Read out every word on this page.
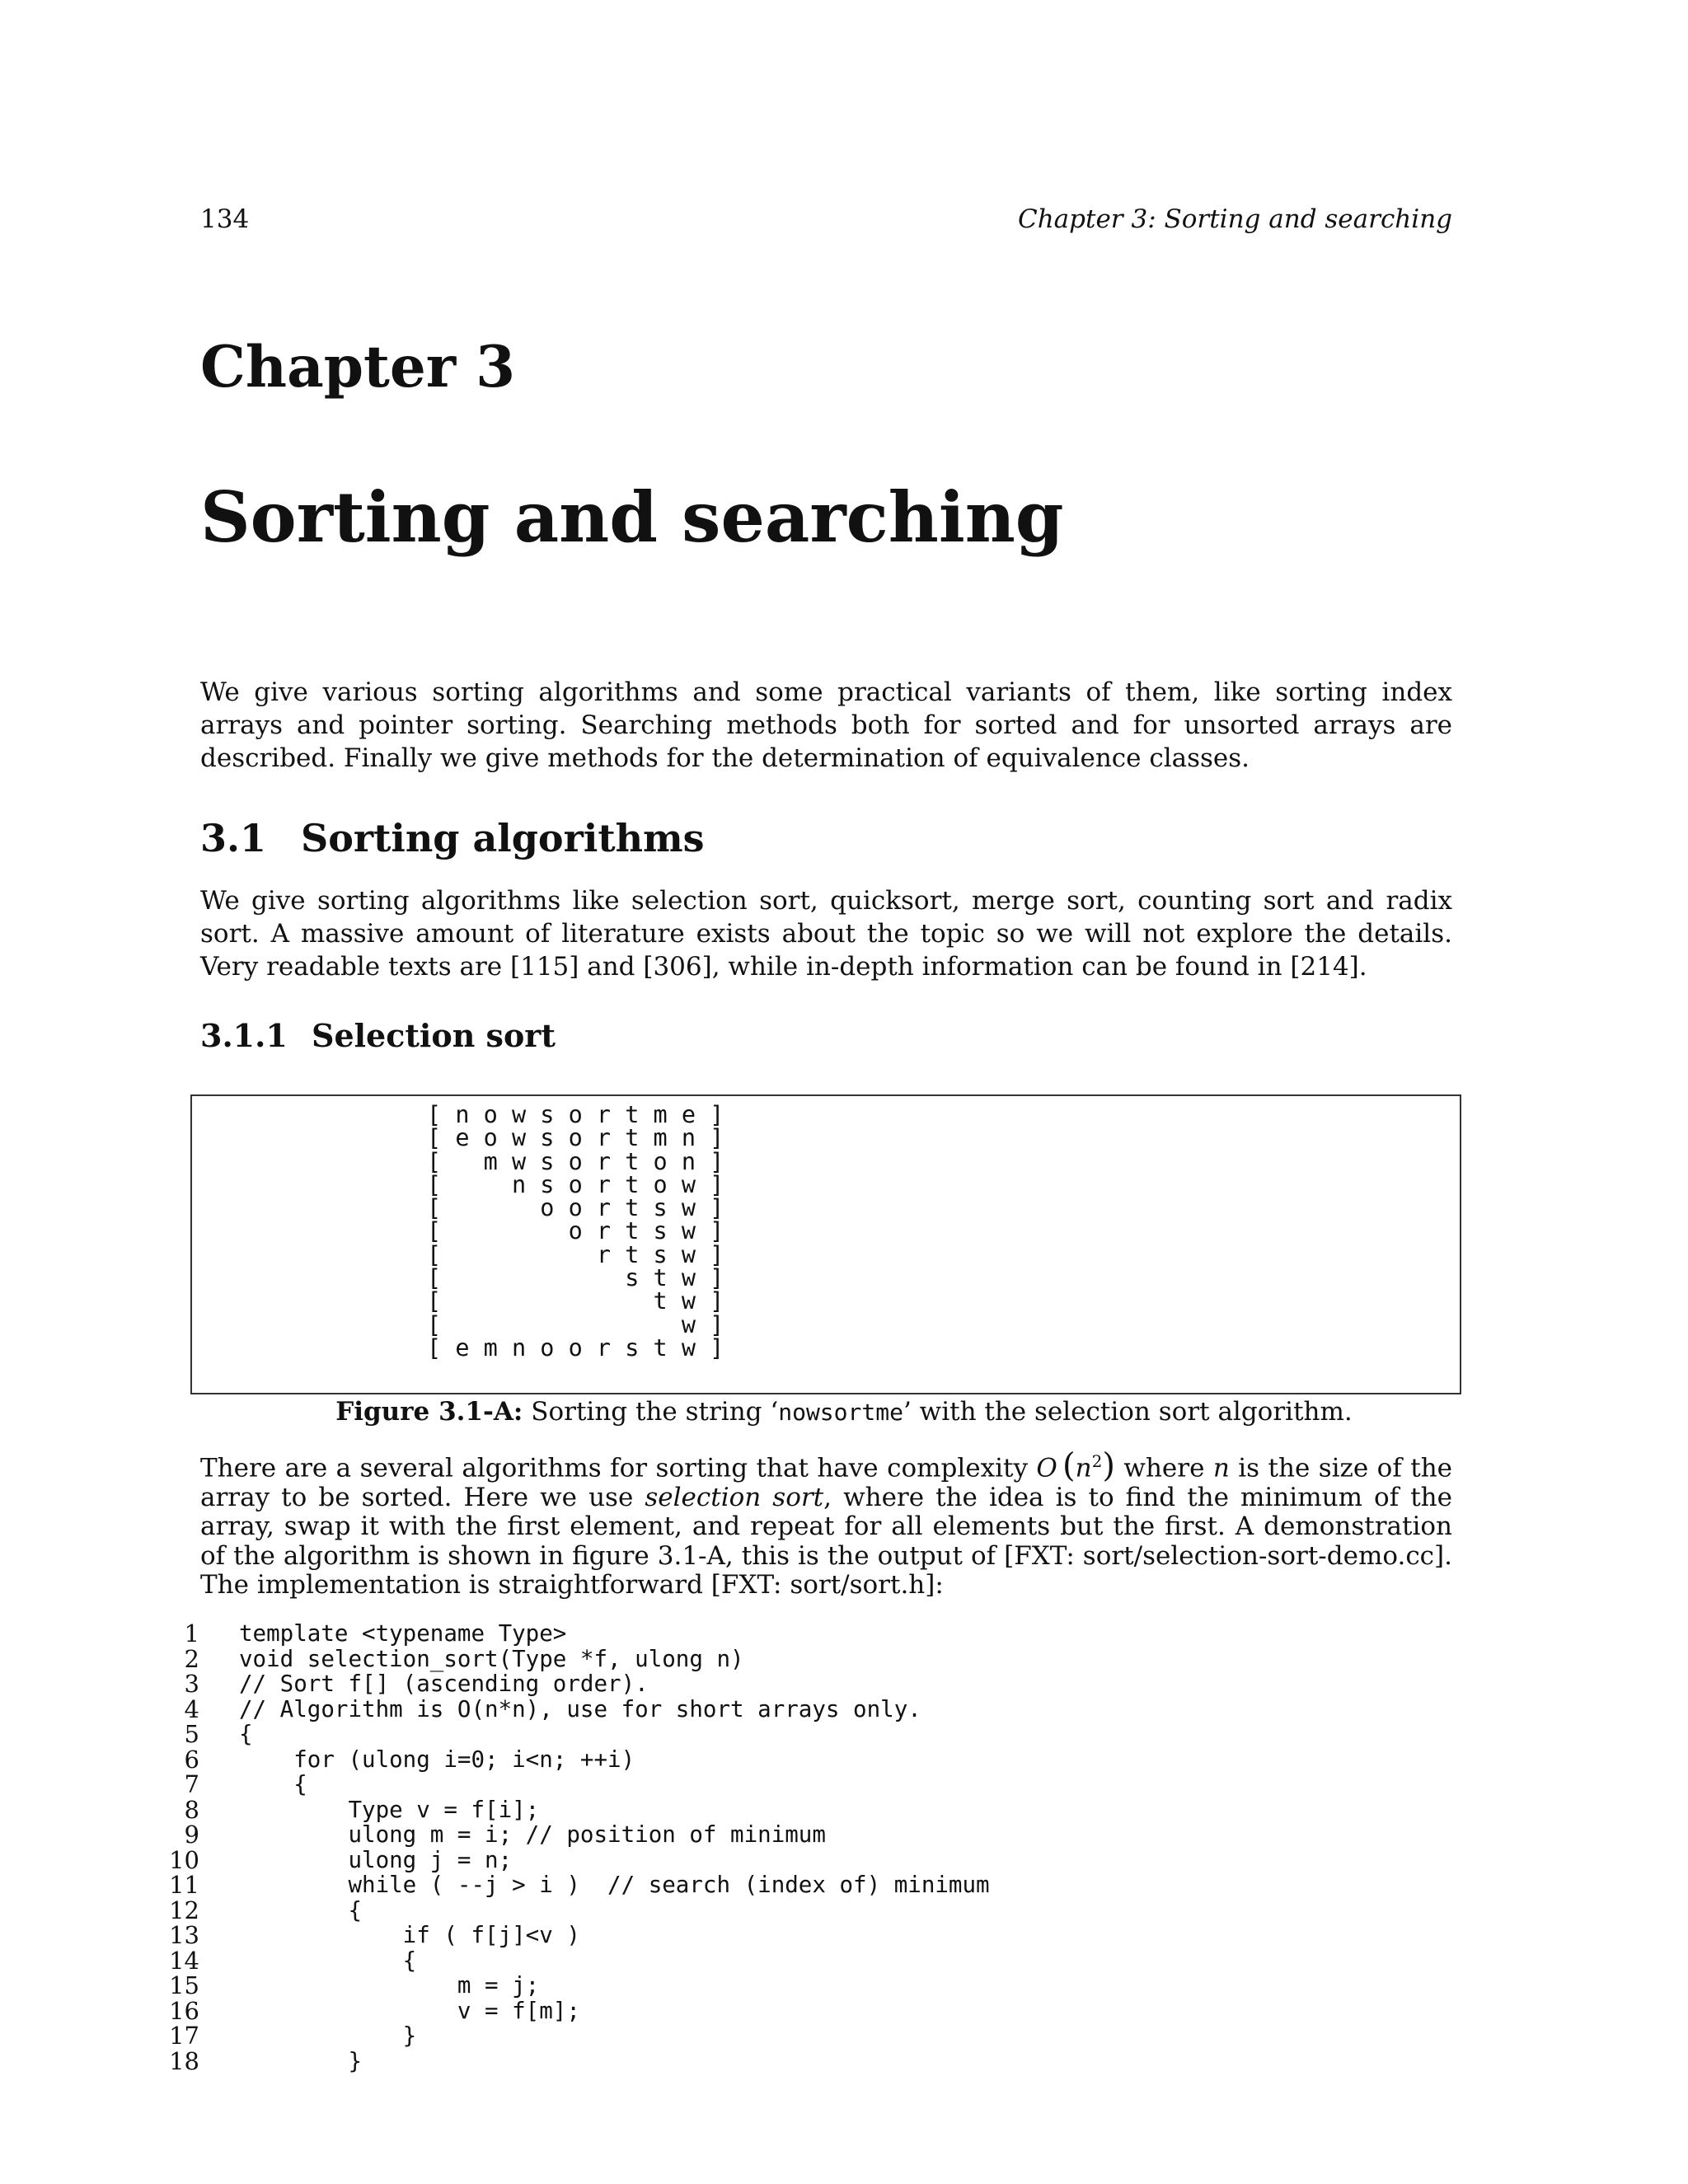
134	Chapter 3: Sorting and searching
Chapter 3
Sorting and searching

We give various sorting algorithms and some practical variants of them, like sorting index arrays and pointer sorting. Searching methods both for sorted and for unsorted arrays are described. Finally we give methods for the determination of equivalence classes.

3.1 Sorting algorithms

We give sorting algorithms like selection sort, quicksort, merge sort, counting sort and radix sort. A massive amount of literature exists about the topic so we will not explore the details. Very readable texts are [115] and [306], while in-depth information can be found in [214].

3.1.1 Selection sort
[ n o w s o r t m e ]
[ e o w s o r t m n ]
[   m w s o r t o n ]
[     n s o r t o w ]
[       o o r t s w ]
[         o r t s w ]
[           r t s w ]
[             s t w ]
[               t w ]
[                 w ]
[ e m n o o r s t w ]
Figure 3.1-A: Sorting the string ‘nowsortme’ with the selection sort algorithm.

There are a several algorithms for sorting that have complexity O  $(n^2)$ where n is the size of the array to be sorted. Here we use selection sort, where the idea is to find the minimum of the array, swap it with the first element, and repeat for all elements but the first. A demonstration of the algorithm is shown in figure 3.1-A, this is the output of [FXT: sort/selection-sort-demo.cc]. The implementation is straightforward [FXT: sort/sort.h]:

1 template <typename Type>
2 void selection_sort(Type *f, ulong n)
3 // Sort f[] (ascending order).
4 // Algorithm is O(n*n), use for short arrays only.
5 {
6 for (ulong i=0; i<n; ++i)
7 {
8 Type v = f[i];
9 ulong m = i; // position of minimum
10 ulong j = n;
11 while ( --j > i )  // search (index of) minimum
12 {
13 if ( f[j]<v )
14 {
15 m = j;
16 v = f[m];
17 }
18 }
